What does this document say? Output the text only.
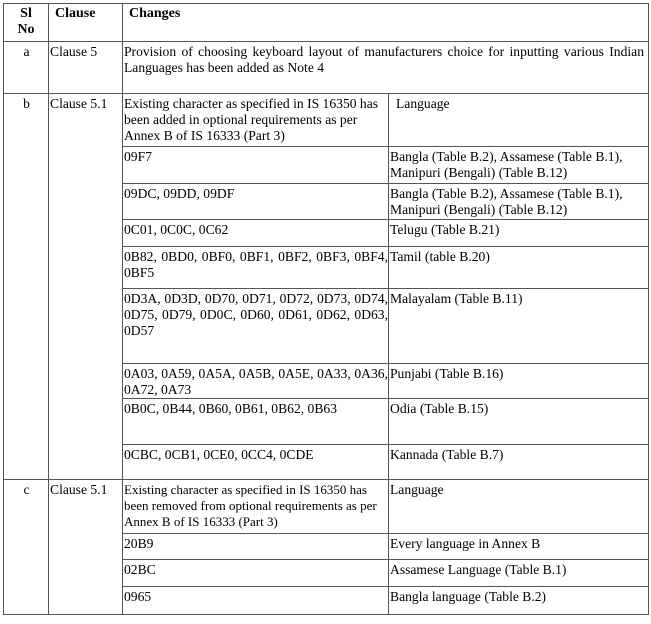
Sl No	Clause	Changes	
a	Clause 5	Provision of choosing keyboard layout of manufacturers choice for inputting various Indian Languages has been added as Note 4	
b	Clause 5.1	Existing character as specified in IS 16350 has been added in optional requirements as per Annex B of IS 16333 (Part 3)	Language
		09F7	Bangla (Table B.2), Assamese (Table B.1), Manipuri (Bengali) (Table B.12)
		09DC, 09DD, 09DF	Bangla (Table B.2), Assamese (Table B.1), Manipuri (Bengali) (Table B.12)
		0C01, 0C0C, 0C62	Telugu (Table B.21)
		0B82, 0BD0, 0BF0, 0BF1, 0BF2, 0BF3, 0BF4, 0BF5	Tamil (table B.20)
		0D3A, 0D3D, 0D70, 0D71, 0D72, 0D73, 0D74, 0D75, 0D79, 0D0C, 0D60, 0D61, 0D62, 0D63, 0D57	Malayalam (Table B.11)
		0A03, 0A59, 0A5A, 0A5B, 0A5E, 0A33, 0A36, 0A72, 0A73	Punjabi (Table B.16)
		0B0C, 0B44, 0B60, 0B61, 0B62, 0B63	Odia (Table B.15)
		0CBC, 0CB1, 0CE0, 0CC4, 0CDE	Kannada (Table B.7)
c	Clause 5.1	Existing character as specified in IS 16350 has been removed from optional requirements as per Annex B of IS 16333 (Part 3)	Language
		20B9	Every language in Annex B
		02BC	Assamese Language (Table B.1)
		0965	Bangla language (Table B.2)
